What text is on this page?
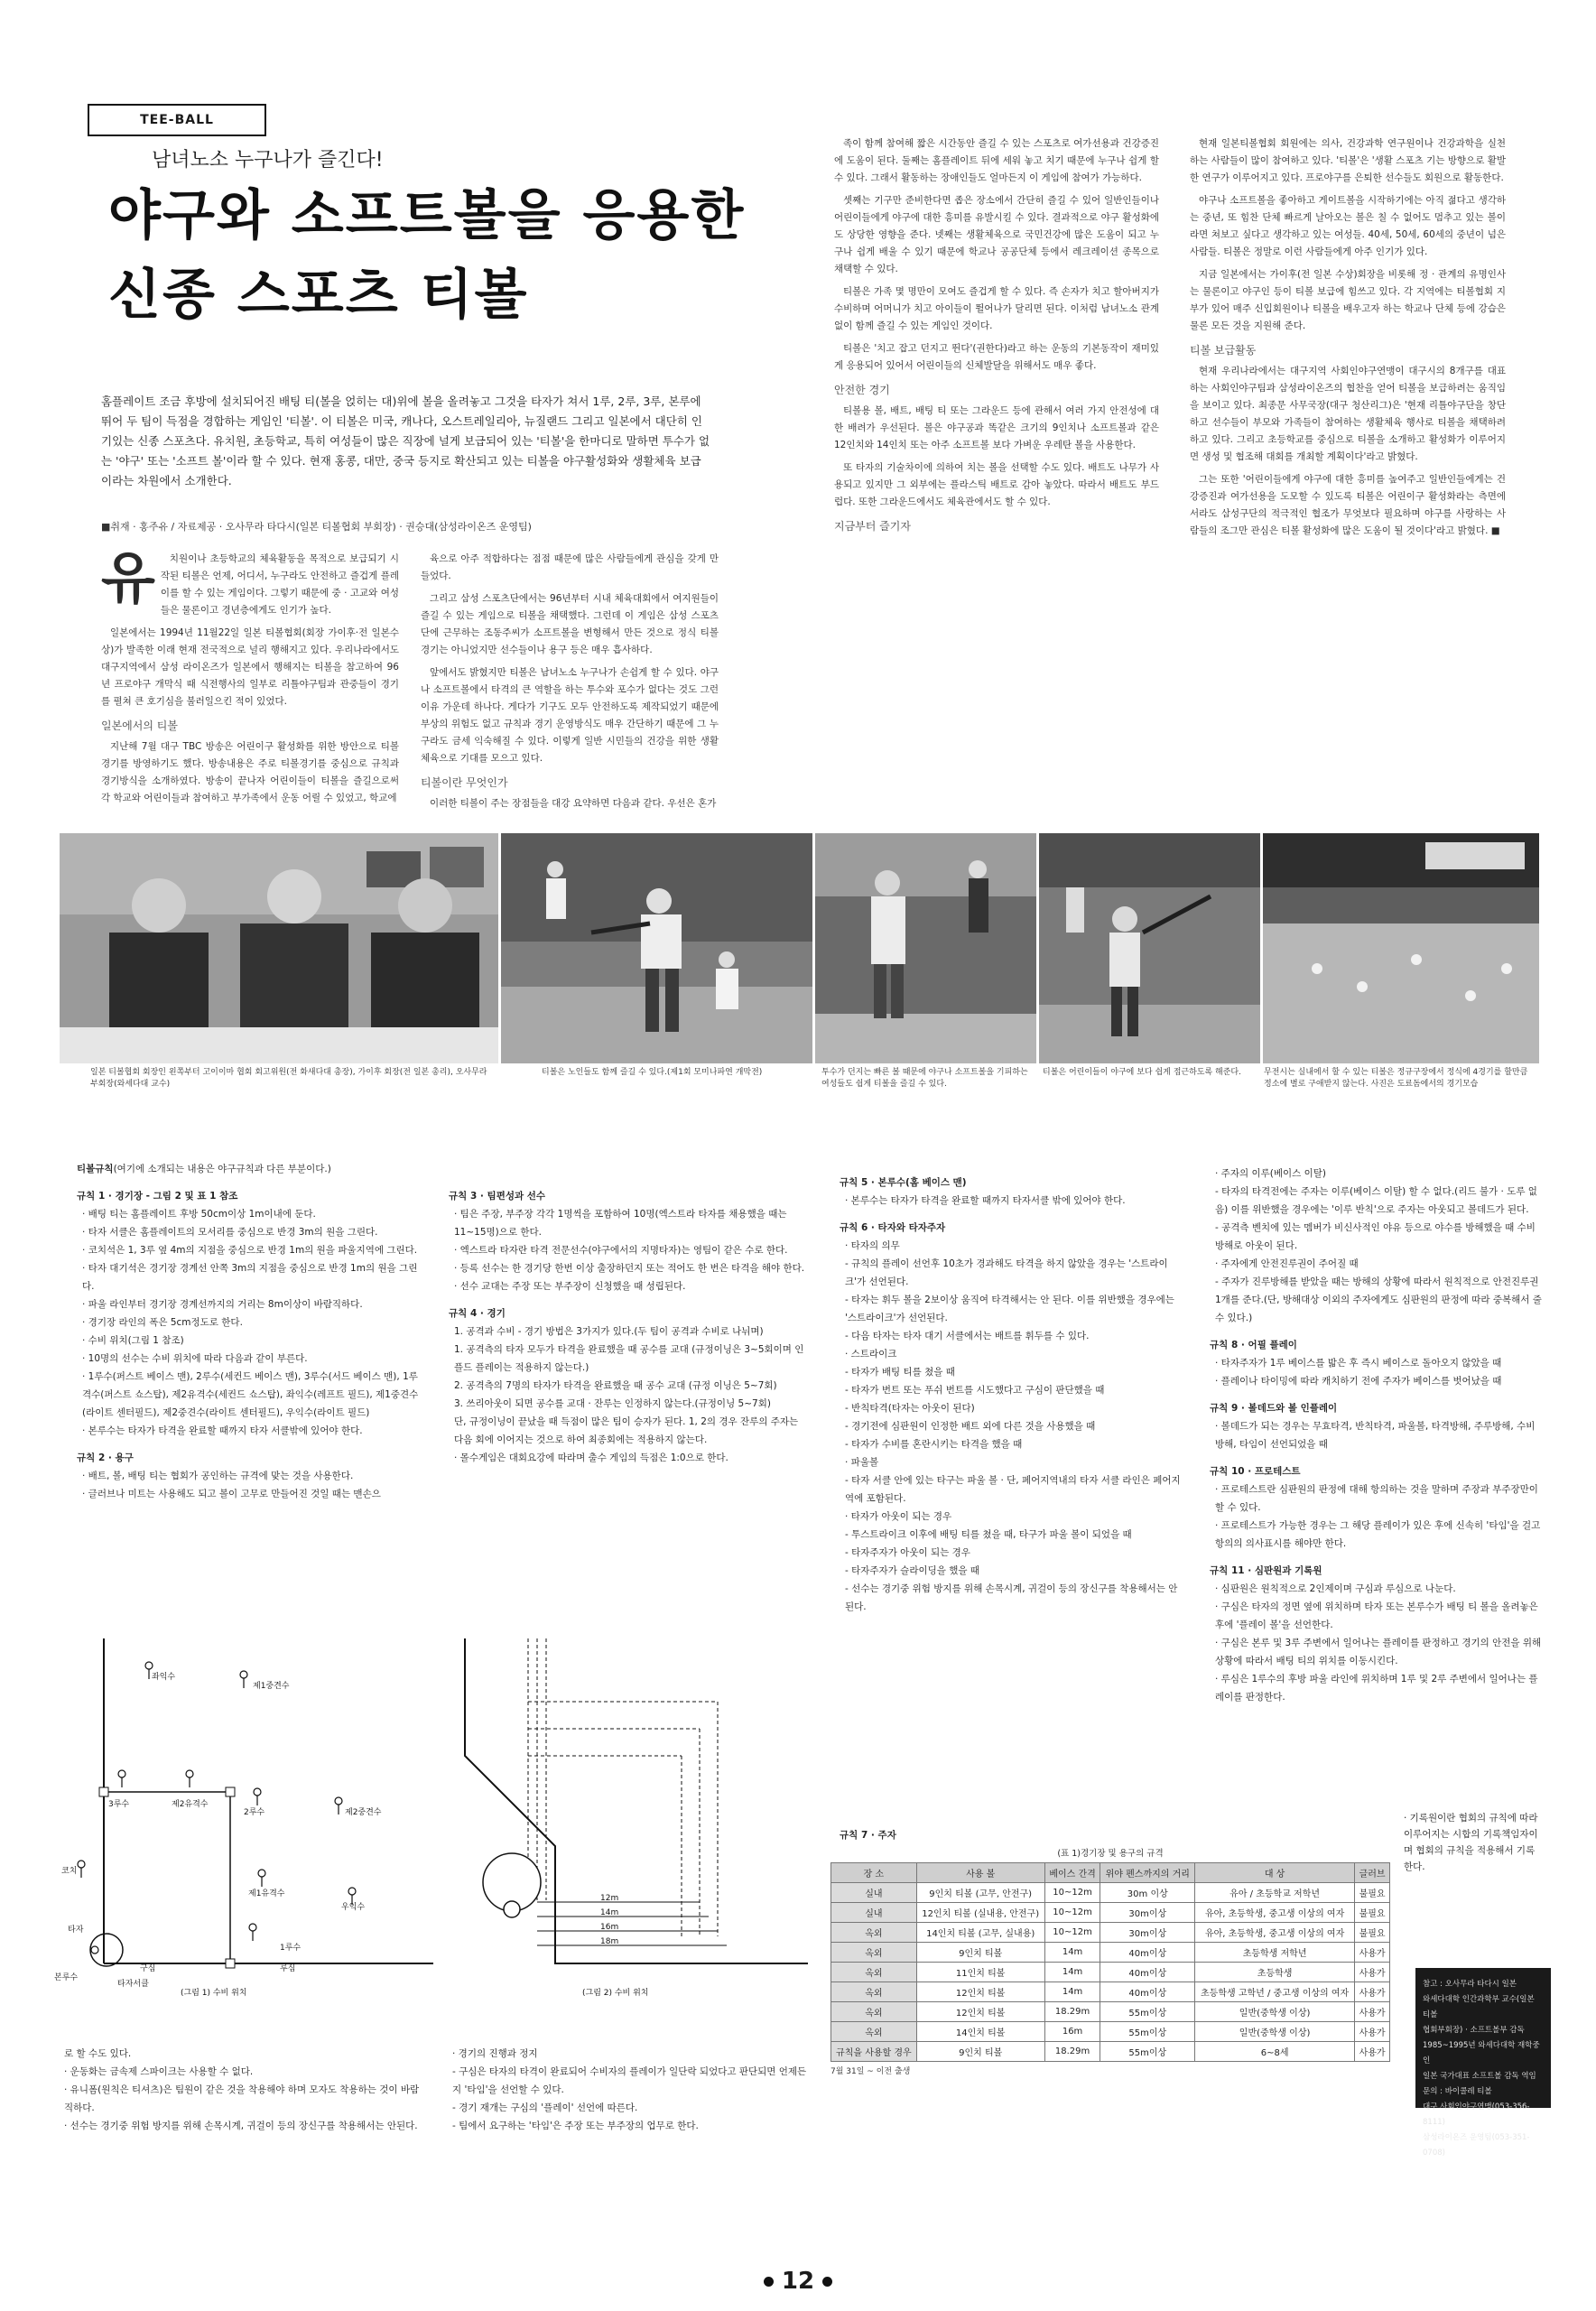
TEE-BALL
남녀노소 누구나가 즐긴다!
야구와 소프트볼을 응용한
신종 스포츠 티볼
홈플레이트 조금 후방에 설치되어진 배팅 티(볼을 얹히는 대)위에 볼을 올려놓고 그것을 타자가 쳐서 1루, 2루, 3루, 본루에 뛰어 두 팀이 득점을 경합하는 게임인 '티볼'. 이 티볼은 미국, 캐나다, 오스트레일리아, 뉴질랜드 그리고 일본에서 대단히 인기있는 신종 스포츠다. 유치원, 초등학교, 특히 여성들이 많은 직장에 널게 보급되어 있는 '티볼'을 한마디로 말하면 투수가 없는 '야구' 또는 '소프트 볼'이라 할 수 있다. 현재 홍콩, 대만, 중국 등지로 확산되고 있는 티볼을 야구활성화와 생활체육 보급이라는 차원에서 소개한다.
■취재 · 홍주유 / 자료제공 · 오사무라 타다시(일본 티볼협회 부회장) · 권승대(삼성라이온즈 운영팀)
유	치원이나 초등학교의 체육활동을 목적으로 보급되기 시작된 티볼은 언제, 어디서, 누구라도 안전하고 즐겁게 플레이를 할 수 있는 게임이다. 그렇기 때문에 중 · 고교와 여성들은 물론이고 경년층에게도 인기가 높다.

일본에서는 1994년 11월22일 일본 티볼협회(회장 가이후·전 일본수상)가 발족한 이래 현재 전국적으로 널리 행해지고 있다. 우리나라에서도 대구지역에서 삼성 라이온즈가 일본에서 행해지는 티볼을 참고하여 96년 프로야구 개막식 때 식전행사의 일부로 리틀야구팀과 관중들이 경기를 펼쳐 큰 호기심을 불러일으킨 적이 있었다.

일본에서의 티볼

지난해 7월 대구 TBC 방송은 어린이구 활성화를 위한 방안으로 티볼경기를 방영하기도 했다. 방송내용은 주로 티볼경기를 중심으로 규칙과 경기방식을 소개하였다. 방송이 끝나자 어린이들이 티볼을 즐길으로써 각 학교와 어린이들과 참여하고 부가족에서 운동 어릴 수 있었고, 학교에

육으로 아주 적합하다는 점점 때문에 많은 사람들에게 관심을 갖게 만들었다.

그리고 삼성 스포츠단에서는 96년부터 시내 체육대회에서 여지원들이 즐길 수 있는 게임으로 티볼을 채택했다. 그런데 이 게임은 삼성 스포츠단에 근무하는 조동주씨가 소프트볼을 변형해서 만든 것으로 정식 티볼경기는 아니었지만 선수들이나 용구 등은 매우 흡사하다.

앞에서도 밝혔지만 티볼은 남녀노소 누구나가 손쉽게 할 수 있다. 야구나 소프트볼에서 타격의 큰 역할을 하는 투수와 포수가 없다는 것도 그런 이유 가운데 하나다. 게다가 기구도 모두 안전하도록 제작되었기 때문에 부상의 위험도 없고 규칙과 경기 운영방식도 매우 간단하기 때문에 그 누구라도 금세 익숙해질 수 있다. 이렇게 일반 시민들의 건강을 위한 생활체육으로 기대를 모으고 있다.

티볼이란 무엇인가

이러한 티볼이 주는 장점들을 대강 요약하면 다음과 같다. 우선은 혼가

족이 함께 참여해 짧은 시간동안 즐길 수 있는 스포츠로 여가선용과 건강증진에 도움이 된다. 둘째는 홈플레이트 뒤에 세워 놓고 치기 때문에 누구나 쉽게 할 수 있다. 그래서 활동하는 장애인들도 얼마든지 이 게임에 참여가 가능하다.

셋째는 기구만 준비한다면 좁은 장소에서 간단히 즐길 수 있어 일반인들이나 어린이들에게 야구에 대한 흥미를 유발시킬 수 있다. 결과적으로 야구 활성화에도 상당한 영향을 준다. 넷째는 생활체육으로 국민건강에 많은 도움이 되고 누구나 쉽게 배울 수 있기 때문에 학교나 공공단체 등에서 레크레이션 종목으로 채택할 수 있다.

티볼은 가족 몇 명만이 모여도 즐겁게 할 수 있다. 즉 손자가 치고 할아버지가 수비하며 어머니가 치고 아이들이 뛸어나가 달리면 된다. 이처럼 남녀노소 관계없이 함께 즐길 수 있는 게임인 것이다.

티볼은 '치고 잡고 던지고 뛴다'(권한다)라고 하는 운동의 기본동작이 재미있게 응용되어 있어서 어린이들의 신체발달을 위해서도 매우 좋다.

안전한 경기

티볼용 볼, 배트, 배팅 티 또는 그라운드 등에 관해서 여러 가지 안전성에 대한 배려가 우선된다. 볼은 야구공과 똑같은 크기의 9인치나 소프트볼과 같은 12인치와 14인치 또는 아주 소프트볼 보다 가벼운 우레탄 볼을 사용한다.

또 타자의 기술차이에 의하여 치는 볼을 선택할 수도 있다. 배트도 나무가 사용되고 있지만 그 외부에는 플라스틱 배트로 감아 놓았다. 따라서 배트도 부드럽다. 또한 그라운드에서도 체육관에서도 할 수 있다.

지금부터 즐기자

현재 일본티볼협회 회원에는 의사, 건강과학 연구원이나 건강과학을 실천하는 사람들이 많이 참여하고 있다. '티볼'은 '생활 스포츠 기는 방향으로 활발한 연구가 이루어지고 있다. 프로야구를 은퇴한 선수들도 회원으로 활동한다.

야구나 소프트볼을 좋아하고 게이트볼을 시작하기에는 아직 젊다고 생각하는 중년, 또 힘찬 단체 빠르게 날아오는 볼은 칠 수 없어도 멈추고 있는 볼이라면 쳐보고 싶다고 생각하고 있는 여성들. 40세, 50세, 60세의 중년이 넘은 사람들. 티볼은 정말로 이런 사람들에게 아주 인기가 있다.

지금 일본에서는 가이후(전 일본 수상)회장을 비롯해 정 · 관계의 유명인사는 물론이고 야구인 등이 티볼 보급에 힘쓰고 있다. 각 지역에는 티볼협회 지부가 있어 매주 신입회원이나 티볼을 배우고자 하는 학교나 단체 등에 강습은 물론 모든 것을 지원해 준다.

티볼 보급활동

현재 우리나라에서는 대구지역 사회인야구연맹이 대구시의 8개구를 대표하는 사회인야구팀과 삼성라이온즈의 협찬을 얻어 티볼을 보급하려는 움직임을 보이고 있다. 최종문 사무국장(대구 청산리그)은 '현재 리틀야구단을 창단하고 선수들이 부모와 가족들이 참여하는 생활체육 행사로 티볼을 채택하려 하고 있다. 그리고 초등학교를 중심으로 티볼을 소개하고 활성화가 이루어지면 생성 및 협조해 대회를 개최할 계획이다'라고 밝혔다.

그는 또한 '어린이들에게 야구에 대한 흥미를 높여주고 일반인들에게는 건강증진과 여가선용을 도모할 수 있도록 티볼은 어린이구 활성화라는 측면에서라도 삼성구단의 적극적인 협조가 무엇보다 필요하며 야구를 사랑하는 사람들의 조그만 관심은 티볼 활성화에 많은 도움이 될 것이다'라고 밝혔다. ■

일본 티볼협회 회장인 왼쪽부터 고이이마 협회 회고위원(전 화새다대 총장), 가이후 회장(전 일본 총리), 오사무라 부회장(와세다대 교수)
티볼은 노인들도 함께 즐길 수 있다.(제1회 모미나파연 개막전)	투수가 던지는 빠른 볼 때문에 야구나 소프트볼을 기피하는 여성들도 쉽게 티볼을 즐길 수 있다.
티볼은 어린이들이 야구에 보다 쉽게 접근하도록 해준다.	무전시는 실내에서 할 수 있는 티볼은 정규구장에서 정식에 4경기를 할만큼 정소에 별로 구애받지 않는다. 사진은 도료돔에서의 경기모습
티볼규칙(여기에 소개되는 내용은 야구규칙과 다른 부분이다.)
규칙 1 · 경기장 - 그림 2 및 표 1 참조
· 배팅 티는 홈플레이트 후방 50cm이상 1m이내에 둔다.
· 타자 서클은 홈플레이트의 모서리를 중심으로 반경 3m의 원을 그린다.
· 코치석은 1, 3루 옆 4m의 지점을 중심으로 반경 1m의 원을 파울지역에 그린다.
· 타자 대기석은 경기장 경계선 안쪽 3m의 지점을 중심으로 반경 1m의 원을 그린다.
· 파울 라인부터 경기장 경계선까지의 거리는 8m이상이 바람직하다.
· 경기장 라인의 폭은 5cm정도로 한다.
· 수비 위치(그림 1 참조)
· 10명의 선수는 수비 위치에 따라 다음과 같이 부른다.
· 1루수(퍼스트 베이스 맨), 2루수(세컨드 베이스 맨), 3루수(서드 베이스 맨), 1루격수(퍼스트 쇼스탑), 제2유격수(세컨드 쇼스탑), 좌익수(레프트 필드), 제1중견수(라이트 센터필드), 제2중견수(라이트 센터필드), 우익수(라이트 필드)
· 본루수는 타자가 타격을 완료할 때까지 타자 서클밖에 있어야 한다.
규칙 2 · 용구
· 배트, 볼, 배팅 티는 협회가 공인하는 규격에 맞는 것을 사용한다.
· 글러브나 미트는 사용해도 되고 볼이 고무로 만들어진 것일 때는 맨손으
규칙 3 · 팀편성과 선수
· 팀은 주장, 부주장 각각 1명씩을 포함하여 10명(엑스트라 타자를 채용했을 때는 11~15명)으로 한다.
· 엑스트라 타자란 타격 전문선수(야구에서의 지명타자)는 영팀이 같은 수로 한다.
· 등록 선수는 한 경기당 한번 이상 출장하던지 또는 적어도 한 번은 타격을 해야 한다.
· 선수 교대는 주장 또는 부주장이 신청했을 때 성립된다.
규칙 4 · 경기
1. 공격과 수비 - 경기 방법은 3가지가 있다.(두 팀이 공격과 수비로 나뉘며)
1. 공격측의 타자 모두가 타격을 완료했을 때 공수를 교대 (규정이닝은 3~5회이며 인플드 플레이는 적용하지 않는다.)
2. 공격측의 7명의 타자가 타격을 완료했을 때 공수 교대 (규정 이닝은 5~7회)
3. 쓰리아웃이 되면 공수를 교대 · 잔루는 인정하지 않는다.(규정이닝 5~7회)
단, 규정이닝이 끝났을 때 득점이 많은 팀이 승자가 된다. 1, 2의 경우 잔루의 주자는 다음 회에 이어지는 것으로 하여 최종회에는 적용하지 않는다.
· 몰수게임은 대회요강에 따라며 출수 게임의 득점은 1:0으로 한다.
좌익수
제1중견수
제2중견수
제2유격수
3루수
2루수
제1유격수
1루수
우익수
코치
타자
본루수
구심
타자서클
루심
(그림 1) 수비 위치
12m
14m
16m
18m
(그림 2) 수비 위치
로 할 수도 있다.
· 운동화는 금속제 스파이크는 사용할 수 없다.
· 유니폼(원칙은 티셔츠)은 팀원이 같은 것을 착용해야 하며 모자도 착용하는 것이 바람직하다.
· 선수는 경기중 위험 방지를 위해 손목시계, 귀걸이 등의 장신구를 착용해서는 안된다.
· 경기의 진행과 정지
- 구심은 타자의 타격이 완료되어 수비자의 플레이가 일단락 되었다고 판단되면 언제든지 '타임'을 선언할 수 있다.
- 경기 재개는 구심의 '플레이' 선언에 따른다.
- 팀에서 요구하는 '타임'은 주장 또는 부주장의 업무로 한다.
규칙 5 · 본루수(홈 베이스 맨)
· 본루수는 타자가 타격을 완료할 때까지 타자서클 밖에 있어야 한다.
규칙 6 · 타자와 타자주자
· 타자의 의무
- 규칙의 플레이 선언후 10초가 경과해도 타격을 하지 않았을 경우는 '스트라이크'가 선언된다.
- 타자는 휘두 볼을 2보이상 움직여 타격해서는 안 된다. 이를 위반했을 경우에는 '스트라이크'가 선언된다.
- 다음 타자는 타자 대기 서클에서는 배트를 휘두를 수 있다.
· 스트라이크
- 타자가 배팅 티를 쳤을 때
- 타자가 번트 또는 푸쉬 번트를 시도했다고 구심이 판단했을 때
- 반칙타격(타자는 아웃이 된다)
- 경기전에 심판원이 인정한 배트 외에 다른 것을 사용했을 때
- 타자가 수비를 혼란시키는 타격을 했을 때
· 파울볼
- 타자 서클 안에 있는 타구는 파울 볼 · 단, 페어지역내의 타자 서클 라인은 페어지역에 포함된다.
· 타자가 아웃이 되는 경우
- 투스트라이크 이후에 배팅 티를 쳤을 때, 타구가 파울 볼이 되었을 때
- 타자주자가 아웃이 되는 경우
- 타자주자가 슬라이딩을 했을 때
- 선수는 경기중 위험 방지를 위해 손목시계, 귀걸이 등의 장신구를 착용해서는 안된다.
규칙 7 · 주자
· 주자의 이루(베이스 이탈)
- 타자의 타격전에는 주자는 이루(베이스 이탈) 할 수 없다.(리드 불가 · 도루 없음) 이를 위반했을 경우에는 '이루 반칙'으로 주자는 아웃되고 볼데드가 된다.
- 공격측 벤치에 있는 멤버가 비신사적인 야유 등으로 야수를 방해했을 때 수비방해로 아웃이 된다.
· 주자에게 안전진루권이 주어질 때
- 주자가 진루방해를 받았을 때는 방해의 상황에 따라서 원칙적으로 안전진루권 1개를 준다.(단, 방해대상 이외의 주자에게도 심판원의 판정에 따라 중복해서 줄 수 있다.)
규칙 8 · 어필 플레이
· 타자주자가 1루 베이스를 밟은 후 즉시 베이스로 돌아오지 않았을 때
· 플레이나 타이밍에 따라 캐치하기 전에 주자가 베이스를 벗어났을 때
규칙 9 · 볼데드와 볼 인플레이
· 볼데드가 되는 경우는 무효타격, 반칙타격, 파울볼, 타격방해, 주루방해, 수비방해, 타임이 선언되었을 때
규칙 10 · 프로테스트
· 프로테스트란 심판원의 판정에 대해 항의하는 것을 말하며 주장과 부주장만이 할 수 있다.
· 프로테스트가 가능한 경우는 그 해당 플레이가 있은 후에 신속히 '타임'을 걸고 항의의 의사표시를 해야만 한다.
규칙 11 · 심판원과 기록원
· 심판원은 원칙적으로 2인제이며 구심과 루심으로 나눈다.
· 구심은 타자의 정면 옆에 위치하며 타자 또는 본루수가 배팅 티 볼을 올려놓은 후에 '플레이 볼'을 선언한다.
· 구심은 본루 및 3루 주변에서 일어나는 플레이를 판정하고 경기의 안전을 위해 상황에 따라서 배팅 티의 위치를 이동시킨다.
· 루심은 1루수의 후방 파울 라인에 위치하며 1루 및 2루 주변에서 일어나는 플레이를 판정한다.
· 기록원이란 협회의 규칙에 따라 이루어지는 시합의 기록책임자이며 협회의 규칙을 적용해서 기록한다.
(표 1)경기장 및 용구의 규격
장 소	사용 볼	베이스 간격	위야 펜스까지의 거리	대 상	글러브
실내	9인치 티볼 (고무, 안전구)	10~12m	30m 이상	유아 / 초등학교 저학년	불필요
실내	12인치 티볼 (실내용, 안전구)	10~12m	30m이상	유아, 초등학생, 중고생 이상의 여자	불필요
옥외	14인치 티볼 (고무, 실내용)	10~12m	30m이상	유아, 초등학생, 중고생 이상의 여자	불필요
옥외	9인치 티볼	14m	40m이상	초등학생 저학년	사용가
옥외	11인치 티볼	14m	40m이상	초등학생	사용가
옥외	12인치 티볼	14m	40m이상	초등학생 고학년 / 중고생 이상의 여자	사용가
옥외	12인치 티볼	18.29m	55m이상	일반(중학생 이상)	사용가
옥외	14인치 티볼	16m	55m이상	일반(중학생 이상)	사용가
규칙을 사용할 경우	9인치 티볼	18.29m	55m이상	6~8세	사용가
7월 31일 ~ 이전 출생
참고 : 오사무라 타다시 일본
와세다대학 인간과학부 교수(일본 티볼
협회부회장) · 소프트볼부 감독
1985~1995년 와세다대학 재학중인
일본 국가대표 소프트볼 감독 역임
문의 : 바이콜레 티볼
대구 사회인야구연맹(053-356-8111)
삼성라이온즈 운영팀(053-351-0708)
12
